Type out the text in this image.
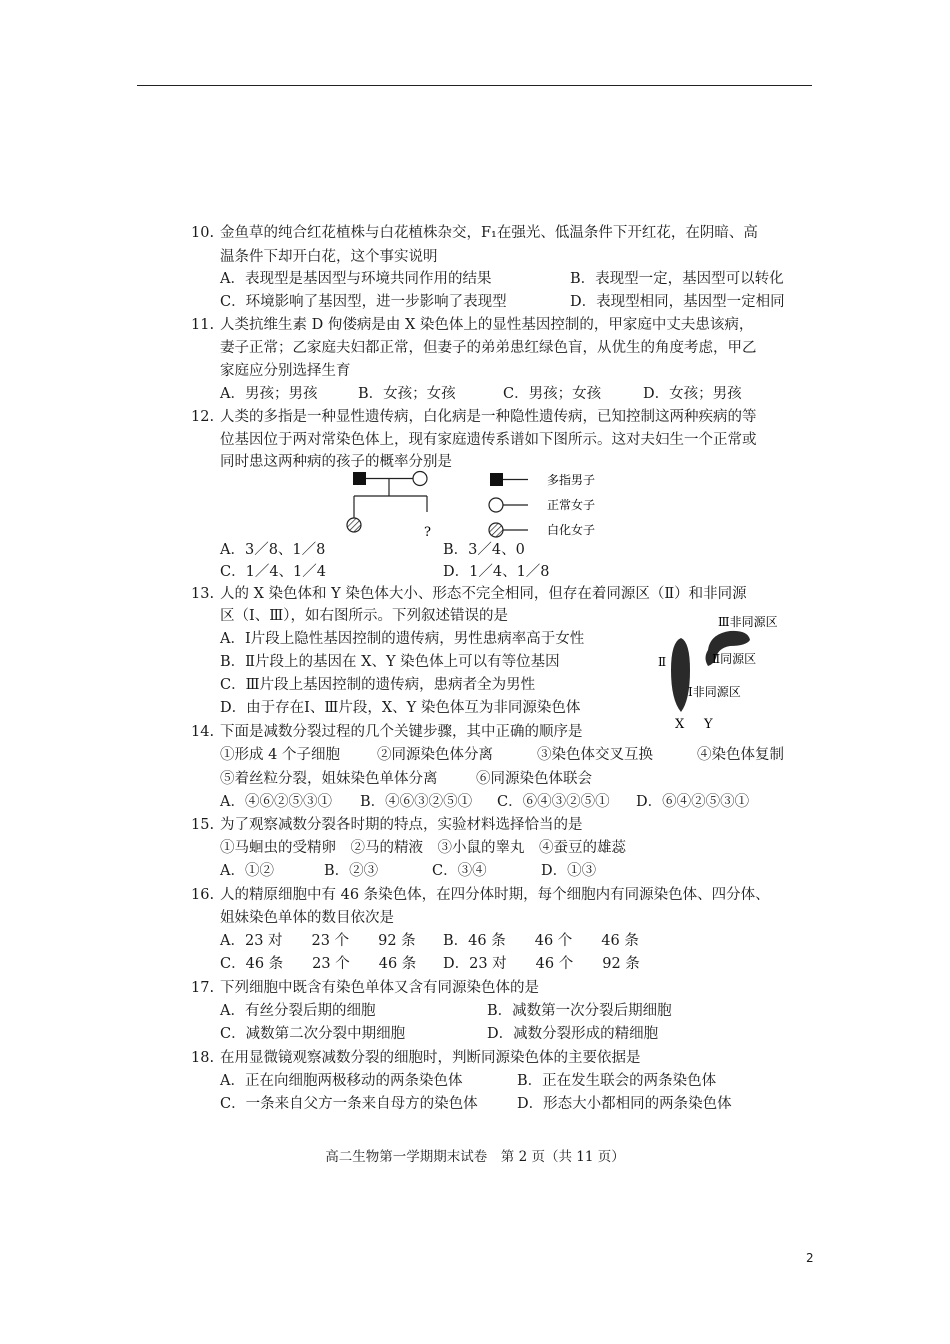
10. 金鱼草的纯合红花植株与白花植株杂交，F₁在强光、低温条件下开红花，在阴暗、高
温条件下却开白花，这个事实说明
A．表现型是基因型与环境共同作用的结果	B．表现型一定，基因型可以转化
C．环境影响了基因型，进一步影响了表现型	D．表现型相同，基因型一定相同
11. 人类抗维生素 D 佝偻病是由 X 染色体上的显性基因控制的，甲家庭中丈夫患该病，
妻子正常；乙家庭夫妇都正常，但妻子的弟弟患红绿色盲，从优生的角度考虑，甲乙
家庭应分别选择生育
A．男孩；男孩	B．女孩；女孩	C．男孩；女孩	D．女孩；男孩
12. 人类的多指是一种显性遗传病，白化病是一种隐性遗传病，已知控制这两种疾病的等
位基因位于两对常染色体上，现有家庭遗传系谱如下图所示。这对夫妇生一个正常或
同时患这两种病的孩子的概率分别是
?
多指男子
正常女子
白化女子
A．3／8、1／8	B．3／4、0
C．1／4、1／4	D．1／4、1／8
13. 人的 X 染色体和 Y 染色体大小、形态不完全相同，但存在着同源区（Ⅱ）和非同源
区（Ⅰ、Ⅲ），如右图所示。下列叙述错误的是
A．Ⅰ片段上隐性基因控制的遗传病，男性患病率高于女性
B．Ⅱ片段上的基因在 X、Y 染色体上可以有等位基因
C．Ⅲ片段上基因控制的遗传病，患病者全为男性
D．由于存在Ⅰ、Ⅲ片段，X、Y 染色体互为非同源染色体
Ⅲ非同源区
Ⅱ	Ⅱ同源区
Ⅰ非同源区
X Y
14. 下面是减数分裂过程的几个关键步骤，其中正确的顺序是
①形成 4 个子细胞	②同源染色体分离	③染色体交叉互换	④染色体复制
⑤着丝粒分裂，姐妹染色单体分离	⑥同源染色体联会
A．④⑥②⑤③① B．④⑥③②⑤① C．⑥④③②⑤① D．⑥④②⑤③①
15. 为了观察减数分裂各时期的特点，实验材料选择恰当的是
①马蛔虫的受精卵　②马的精液　③小鼠的睾丸　④蚕豆的雄蕊
A．①②	B．②③	C．③④	D．①③
16. 人的精原细胞中有 46 条染色体，在四分体时期，每个细胞内有同源染色体、四分体、
姐妹染色单体的数目依次是
A．23 对　　23 个　　92 条 B．46 条　　46 个　　46 条
C．46 条　　23 个　　46 条 D．23 对　　46 个　　92 条
17. 下列细胞中既含有染色单体又含有同源染色体的是
A．有丝分裂后期的细胞	B．减数第一次分裂后期细胞
C．减数第二次分裂中期细胞	D．减数分裂形成的精细胞
18. 在用显微镜观察减数分裂的细胞时，判断同源染色体的主要依据是
A．正在向细胞两极移动的两条染色体	B．正在发生联会的两条染色体
C．一条来自父方一条来自母方的染色体	D．形态大小都相同的两条染色体
高二生物第一学期期末试卷　第 2 页（共 11 页）
2
